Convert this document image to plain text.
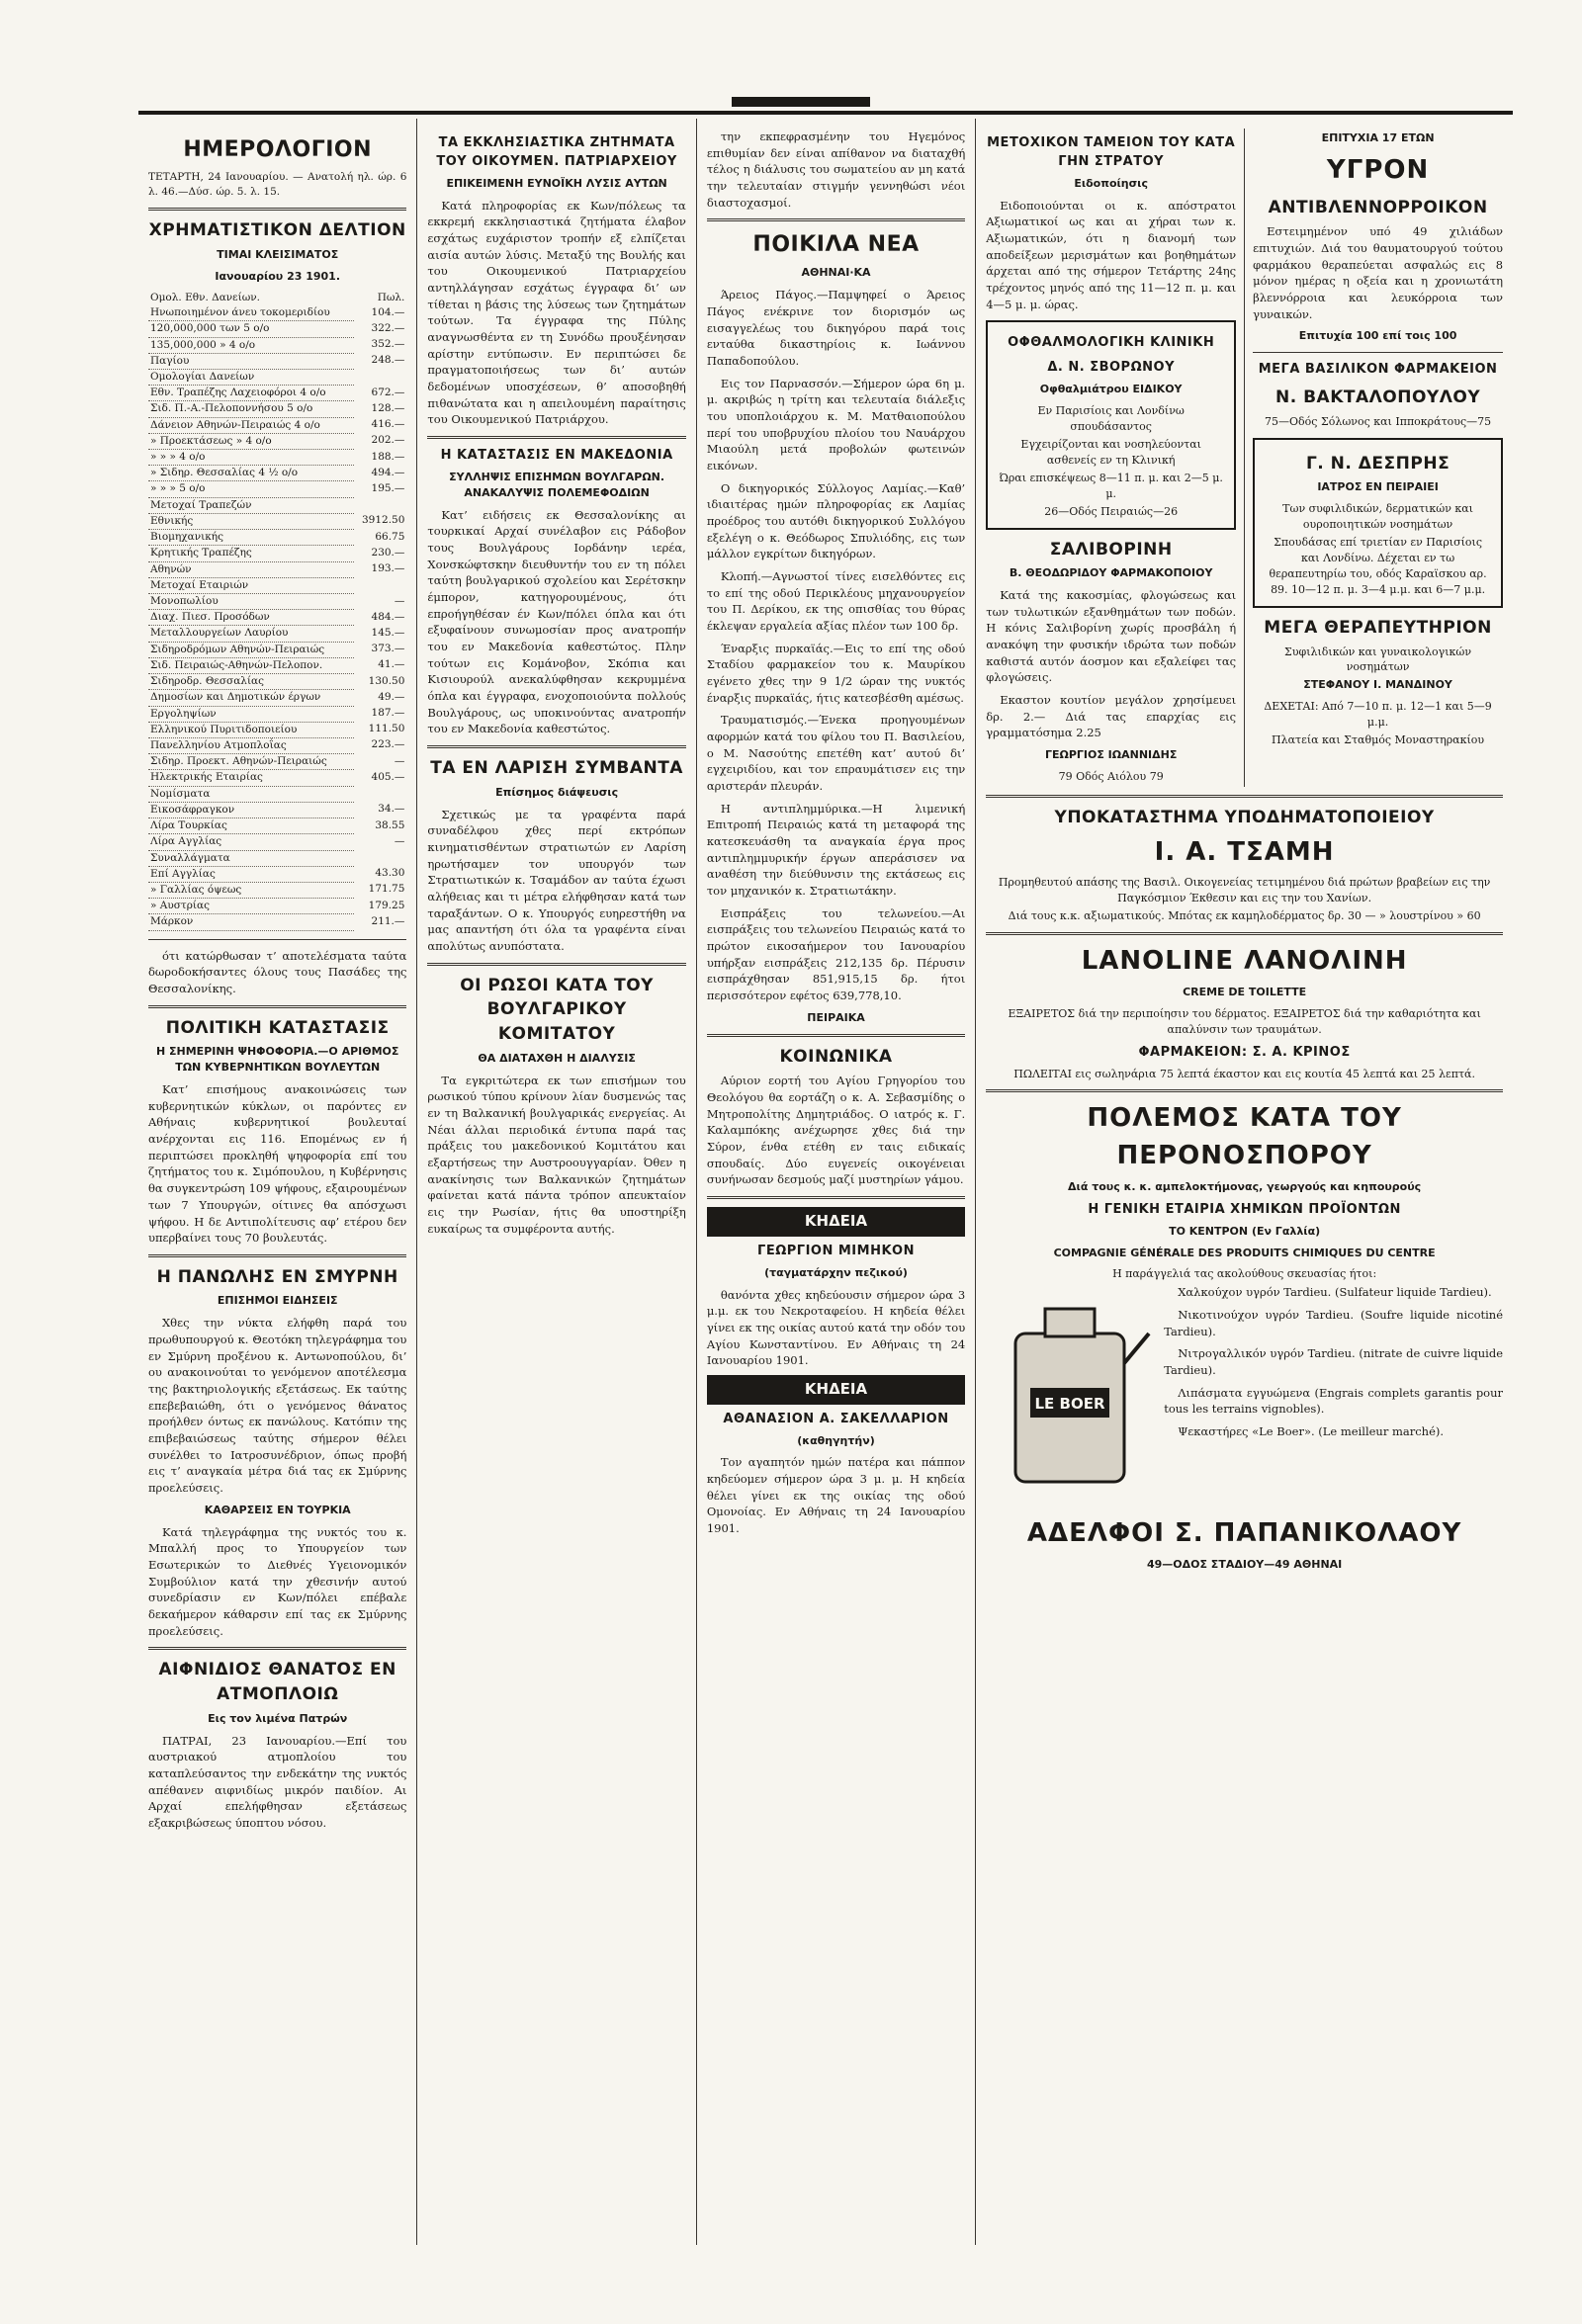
ΗΜΕΡΟΛΟΓΙΟΝ
ΤΕΤΑΡΤΗ, 24 Ιανουαρίου. — Ανατολή ηλ. ώρ. 6 λ. 46.—Δύσ. ώρ. 5. λ. 15.
ΧΡΗΜΑΤΙΣΤΙΚΟΝ ΔΕΛΤΙΟΝ
ΤΙΜΑΙ ΚΛΕΙΣΙΜΑΤΟΣ
Ιανουαρίου 23 1901.
Ομολ. Εθν. Δανείων.	Πωλ.
Ηνωποιημένον άνευ τοκομεριδίου	104.—
120,000,000 των 5 ο/ο	322.—
135,000,000 » 4 ο/ο	352.—
Παγίου	248.—
Ομολογίαι Δανείων	
Εθν. Τραπέζης Λαχειοφόροι 4 ο/ο	672.—
Σιδ. Π.-Α.-Πελοποννήσου 5 ο/ο	128.—
Δάνειον Αθηνών-Πειραιώς 4 ο/ο	416.—
» Προεκτάσεως » 4 ο/ο	202.—
» » » 4 ο/ο	188.—
» Σιδηρ. Θεσσαλίας 4 ½ ο/ο	494.—
» » » 5 ο/ο	195.—
Μετοχαί Τραπεζών	
Εθνικής	3912.50
Βιομηχανικής	66.75
Κρητικής Τραπέζης	230.—
Αθηνών	193.—
Μετοχαί Εταιριών	
Μονοπωλίου	—
Διαχ. Πιεσ. Προσόδων	484.—
Μεταλλουργείων Λαυρίου	145.—
Σιδηροδρόμων Αθηνών-Πειραιώς	373.—
Σιδ. Πειραιώς-Αθηνών-Πελοπον.	41.—
Σιδηροδρ. Θεσσαλίας	130.50
Δημοσίων και Δημοτικών έργων	49.—
Εργοληψίων	187.—
Ελληνικού Πυριτιδοποιείου	111.50
Πανελληνίου Ατμοπλοΐας	223.—
Σιδηρ. Προεκτ. Αθηνών-Πειραιώς	—
Ηλεκτρικής Εταιρίας	405.—
Νομίσματα	
Εικοσάφραγκον	34.—
Λίρα Τουρκίας	38.55
Λίρα Αγγλίας	—
Συναλλάγματα	
Επί Αγγλίας	43.30
» Γαλλίας όψεως	171.75
» Αυστρίας	179.25
Μάρκον	211.—

ότι κατώρθωσαν τ’ αποτελέσματα ταύτα δωροδοκήσαντες όλους τους Πασάδες της Θεσσαλονίκης.

ΠΟΛΙΤΙΚΗ ΚΑΤΑΣΤΑΣΙΣ
Η ΣΗΜΕΡΙΝΗ ΨΗΦΟΦΟΡΙΑ.—Ο ΑΡΙΘΜΟΣ ΤΩΝ ΚΥΒΕΡΝΗΤΙΚΩΝ ΒΟΥΛΕΥΤΩΝ

Κατ’ επισήμους ανακοινώσεις των κυβερνητικών κύκλων, οι παρόντες εν Αθήναις κυβερνητικοί βουλευταί ανέρχονται εις 116. Επομένως εν ή περιπτώσει προκληθή ψηφοφορία επί του ζητήματος του κ. Σιμόπουλου, η Κυβέρνησις θα συγκεντρώση 109 ψήφους, εξαιρουμένων των 7 Υπουργών, οίτινες θα απόσχωσι ψήφου. Η δε Αντιπολίτευσις αφ’ ετέρου δεν υπερβαίνει τους 70 βουλευτάς.

Η ΠΑΝΩΛΗΣ ΕΝ ΣΜΥΡΝΗ
ΕΠΙΣΗΜΟΙ ΕΙΔΗΣΕΙΣ

Χθες την νύκτα ελήφθη παρά του πρωθυπουργού κ. Θεοτόκη τηλεγράφημα του εν Σμύρνη προξένου κ. Αντωνοπούλου, δι’ ου ανακοινούται το γενόμενον αποτέλεσμα της βακτηριολογικής εξετάσεως. Εκ ταύτης επεβεβαιώθη, ότι ο γενόμενος θάνατος προήλθεν όντως εκ πανώλους. Κατόπιν της επιβεβαιώσεως ταύτης σήμερον θέλει συνέλθει το Ιατροσυνέδριον, όπως προβή εις τ’ αναγκαία μέτρα διά τας εκ Σμύρνης προελεύσεις.

ΚΑΘΑΡΣΕΙΣ ΕΝ ΤΟΥΡΚΙΑ

Κατά τηλεγράφημα της νυκτός του κ. Μπαλλή προς το Υπουργείον των Εσωτερικών το Διεθνές Υγειονομικόν Συμβούλιον κατά την χθεσινήν αυτού συνεδρίασιν εν Κων/πόλει επέβαλε δεκαήμερον κάθαρσιν επί τας εκ Σμύρνης προελεύσεις.

ΑΙΦΝΙΔΙΟΣ ΘΑΝΑΤΟΣ ΕΝ ΑΤΜΟΠΛΟΙΩ
Εις τον λιμένα Πατρών

ΠΑΤΡΑΙ, 23 Ιανουαρίου.—Επί του αυστριακού ατμοπλοίου του καταπλεύσαντος την ενδεκάτην της νυκτός απέθανεν αιφνιδίως μικρόν παιδίον. Αι Αρχαί επελήφθησαν εξετάσεως εξακριβώσεως ύποπτου νόσου.

ΤΑ ΕΚΚΛΗΣΙΑΣΤΙΚΑ ΖΗΤΗΜΑΤΑ ΤΟΥ ΟΙΚΟΥΜΕΝ. ΠΑΤΡΙΑΡΧΕΙΟΥ
ΕΠΙΚΕΙΜΕΝΗ ΕΥΝΟΪΚΗ ΛΥΣΙΣ ΑΥΤΩΝ

Κατά πληροφορίας εκ Κων/πόλεως τα εκκρεμή εκκλησιαστικά ζητήματα έλαβον εσχάτως ευχάριστον τροπήν εξ ελπίζεται αισία αυτών λύσις. Μεταξύ της Βουλής και του Οικουμενικού Πατριαρχείου αντηλλάγησαν εσχάτως έγγραφα δι’ ων τίθεται η βάσις της λύσεως των ζητημάτων τούτων. Τα έγγραφα της Πύλης αναγνωσθέντα εν τη Συνόδω προυξένησαν αρίστην εντύπωσιν. Εν περιπτώσει δε πραγματοποιήσεως των δι’ αυτών δεδομένων υποσχέσεων, θ’ αποσοβηθή πιθανώτατα και η απειλουμένη παραίτησις του Οικουμενικού Πατριάρχου.

Η ΚΑΤΑΣΤΑΣΙΣ ΕΝ ΜΑΚΕΔΟΝΙΑ
ΣΥΛΛΗΨΙΣ ΕΠΙΣΗΜΩΝ ΒΟΥΛΓΑΡΩΝ. ΑΝΑΚΑΛΥΨΙΣ ΠΟΛΕΜΕΦΟΔΙΩΝ

Κατ’ ειδήσεις εκ Θεσσαλονίκης αι τουρκικαί Αρχαί συνέλαβον εις Ράδοβον τους Βουλγάρους Ιορδάνην ιερέα, Χονσκώφτσκην διευθυντήν του εν τη πόλει ταύτη βουλγαρικού σχολείου και Σερέτσκην έμπορον, κατηγορουμένους, ότι επροήγηθέσαν έν Κων/πόλει όπλα και ότι εξυφαίνουν συνωμοσίαν προς ανατροπήν του εν Μακεδονία καθεστώτος. Πλην τούτων εις Κομάνοβον, Σκόπια και Κισιουρούλ ανεκαλύφθησαν κεκρυμμένα όπλα και έγγραφα, ενοχοποιούντα πολλούς Βουλγάρους, ως υποκινούντας ανατροπήν του εν Μακεδονία καθεστώτος.

ΤΑ ΕΝ ΛΑΡΙΣΗ ΣΥΜΒΑΝΤΑ
Επίσημος διάψευσις

Σχετικώς με τα γραφέντα παρά συναδέλφου χθες περί εκτρόπων κινηματισθέντων στρατιωτών εν Λαρίση ηρωτήσαμεν τον υπουργόν των Στρατιωτικών κ. Τσαμάδον αν ταύτα έχωσι αλήθειας και τι μέτρα ελήφθησαν κατά των ταραξάντων. Ο κ. Υπουργός ευηρεστήθη να μας απαντήση ότι όλα τα γραφέντα είναι απολύτως ανυπόστατα.

ΟΙ ΡΩΣΟΙ ΚΑΤΑ ΤΟΥ ΒΟΥΛΓΑΡΙΚΟΥ ΚΟΜΙΤΑΤΟΥ
ΘΑ ΔΙΑΤΑΧΘΗ Η ΔΙΑΛΥΣΙΣ

Τα εγκριτώτερα εκ των επισήμων του ρωσικού τύπου κρίνουν λίαν δυσμενώς τας εν τη Βαλκανική βουλγαρικάς ενεργείας. Αι Νέαι άλλαι περιοδικά έντυπα παρά τας πράξεις του μακεδονικού Κομιτάτου και εξαρτήσεως την Αυστροουγγαρίαν. Όθεν η ανακίνησις των Βαλκανικών ζητημάτων φαίνεται κατά πάντα τρόπον απευκταίον εις την Ρωσίαν, ήτις θα υποστηρίξη ευκαίρως τα συμφέροντα αυτής.

την εκπεφρασμένην του Ηγεμόνος επιθυμίαν δεν είναι απίθανον να διαταχθή τέλος η διάλυσις του σωματείου αν μη κατά την τελευταίαν στιγμήν γεννηθώσι νέοι διαστοχασμοί.

ΠΟΙΚΙΛΑ ΝΕΑ
ΑΘΗΝΑΙ·ΚΑ

Άρειος Πάγος.—Παμψηφεί ο Άρειος Πάγος ενέκρινε τον διορισμόν ως εισαγγελέως του δικηγόρου παρά τοις ενταύθα δικαστηρίοις κ. Ιωάννου Παπαδοπούλου.

Εις τον Παρνασσόν.—Σήμερον ώρα 6η μ. μ. ακριβώς η τρίτη και τελευταία διάλεξις του υποπλοιάρχου κ. Μ. Ματθαιοπούλου περί του υποβρυχίου πλοίου του Ναυάρχου Μιαούλη μετά προβολών φωτεινών εικόνων.

Ο δικηγορικός Σύλλογος Λαμίας.—Καθ’ ιδιαιτέρας ημών πληροφορίας εκ Λαμίας προέδρος του αυτόθι δικηγορικού Συλλόγου εξελέγη ο κ. Θεόδωρος Σπυλιόδης, εις των μάλλον εγκρίτων δικηγόρων.

Κλοπή.—Αγνωστοί τίνες εισελθόντες εις το επί της οδού Περικλέους μηχανουργείον του Π. Δερίκου, εκ της οπισθίας του θύρας έκλεψαν εργαλεία αξίας πλέον των 100 δρ.

Έναρξις πυρκαϊάς.—Εις το επί της οδού Σταδίου φαρμακείον του κ. Μαυρίκου εγένετο χθες την 9 1/2 ώραν της νυκτός έναρξις πυρκαϊάς, ήτις κατεσβέσθη αμέσως.

Τραυματισμός.—Ένεκα προηγουμένων αφορμών κατά του φίλου του Π. Βασιλείου, ο Μ. Νασούτης επετέθη κατ’ αυτού δι’ εγχειριδίου, και τον επραυμάτισεν εις την αριστεράν πλευράν.

Η αντιπλημμύρικα.—Η λιμενική Επιτροπή Πειραιώς κατά τη μεταφορά της κατεσκευάσθη τα αναγκαία έργα προς αντιπλημμυρικήν έργων απεράσισεν να αναθέση την διεύθυνσιν της εκτάσεως εις τον μηχανικόν κ. Στρατιωτάκην.

Εισπράξεις του τελωνείου.—Αι εισπράξεις του τελωνείου Πειραιώς κατά το πρώτον εικοσαήμερον του Ιανουαρίου υπήρξαν εισπράξεις 212,135 δρ. Πέρυσιν εισπράχθησαν 851,915,15 δρ. ήτοι περισσότερον εφέτος 639,778,10.

ΠΕΙΡΑΙΚΑ
ΚΟΙΝΩΝΙΚΑ

Αύριον εορτή του Αγίου Γρηγορίου του Θεολόγου θα εορτάζη ο κ. Α. Σεβασμίδης ο Μητροπολίτης Δημητριάδος. Ο ιατρός κ. Γ. Καλαμπόκης ανέχωρησε χθες διά την Σύρον, ένθα ετέθη εν ταις ειδικαίς σπουδαίς. Δύο ευγενείς οικογένειαι συνήνωσαν δεσμούς μαζί μυστηρίων γάμου.

ΚΗΔΕΙΑ
ΓΕΩΡΓΙΟΝ ΜΙΜΗΚΟΝ
(ταγματάρχην πεζικού)

θανόντα χθες κηδεύουσιν σήμερον ώρα 3 μ.μ. εκ του Νεκροταφείου. Η κηδεία θέλει γίνει εκ της οικίας αυτού κατά την οδόν του Αγίου Κωνσταντίνου. Εν Αθήναις τη 24 Ιανουαρίου 1901.

ΚΗΔΕΙΑ
ΑΘΑΝΑΣΙΟΝ Α. ΣΑΚΕΛΛΑΡΙΟΝ
(καθηγητήν)

Τον αγαπητόν ημών πατέρα και πάππον κηδεύομεν σήμερον ώρα 3 μ. μ. Η κηδεία θέλει γίνει εκ της οικίας της οδού Ομονοίας. Εν Αθήναις τη 24 Ιανουαρίου 1901.

ΜΕΤΟΧΙΚΟΝ ΤΑΜΕΙΟΝ ΤΟΥ ΚΑΤΑ ΓΗΝ ΣΤΡΑΤΟΥ
Ειδοποίησις

Ειδοποιούνται οι κ. απόστρατοι Αξιωματικοί ως και αι χήραι των κ. Αξιωματικών, ότι η διανομή των αποδείξεων μερισμάτων και βοηθημάτων άρχεται από της σήμερον Τετάρτης 24ης τρέχοντος μηνός από της 11—12 π. μ. και 4—5 μ. μ. ώρας.

ΟΦΘΑΛΜΟΛΟΓΙΚΗ ΚΛΙΝΙΚΗ
Δ. Ν. ΣΒΟΡΩΝΟΥ
Οφθαλμιάτρου ΕΙΔΙΚΟΥ
Εν Παρισίοις και Λονδίνω σπουδάσαντος
Εγχειρίζονται και νοσηλεύονται ασθενείς εν τη Κλινική
Ώραι επισκέψεως 8—11 π. μ. και 2—5 μ. μ.
26—Οδός Πειραιώς—26
ΣΑΛΙΒΟΡΙΝΗ
Β. ΘΕΟΔΩΡΙΔΟΥ ΦΑΡΜΑΚΟΠΟΙΟΥ

Κατά της κακοσμίας, φλογώσεως και των τυλωτικών εξανθημάτων των ποδών. Η κόνις Σαλιβορίνη χωρίς προσβάλη ή ανακόψη την φυσικήν ιδρώτα των ποδών καθιστά αυτόν άοσμον και εξαλείφει τας φλογώσεις.

Εκαστον κουτίον μεγάλον χρησίμευει δρ. 2.— Διά τας επαρχίας εις γραμματόσημα 2.25

ΓΕΩΡΓΙΟΣ ΙΩΑΝΝΙΔΗΣ
79 Οδός Αιόλου 79
ΕΠΙΤΥΧΙΑ 17 ΕΤΩΝ
ΥΓΡΟΝ
ΑΝΤΙΒΛΕΝΝΟΡΡΟΙΚΟΝ

Εστειμημένον υπό 49 χιλιάδων επιτυχιών. Διά του θαυματουργού τούτου φαρμάκου θεραπεύεται ασφαλώς εις 8 μόνον ημέρας η οξεία και η χρονιωτάτη βλεννόρροια και λευκόρροια των γυναικών.

Επιτυχία 100 επί τοις 100
ΜΕΓΑ ΒΑΣΙΛΙΚΟΝ ΦΑΡΜΑΚΕΙΟΝ
Ν. ΒΑΚΤΑΛΟΠΟΥΛΟΥ
75—Οδός Σόλωνος και Ιπποκράτους—75
Γ. Ν. ΔΕΣΠΡΗΣ
ΙΑΤΡΟΣ ΕΝ ΠΕΙΡΑΙΕΙ
Των συφιλιδικών, δερματικών και ουροποιητικών νοσημάτων
Σπουδάσας επί τριετίαν εν Παρισίοις και Λονδίνω. Δέχεται εν τω θεραπευτηρίω του, οδός Καραϊσκου αρ. 89. 10—12 π. μ. 3—4 μ.μ. και 6—7 μ.μ.
ΜΕΓΑ ΘΕΡΑΠΕΥΤΗΡΙΟΝ
Συφιλιδικών και γυναικολογικών νοσημάτων
ΣΤΕΦΑΝΟΥ Ι. ΜΑΝΔΙΝΟΥ
ΔΕΧΕΤΑΙ: Από 7—10 π. μ. 12—1 και 5—9 μ.μ.
Πλατεία και Σταθμός Μοναστηρακίου
ΥΠΟΚΑΤΑΣΤΗΜΑ ΥΠΟΔΗΜΑΤΟΠΟΙΕΙΟΥ
Ι. Α. ΤΣΑΜΗ
Προμηθευτού απάσης της Βασιλ. Οικογενείας τετιμημένου διά πρώτων βραβείων εις την Παγκόσμιον Έκθεσιν και εις την του Χανίων.
Διά τους κ.κ. αξιωματικούς. Μπότας εκ καμηλοδέρματος δρ. 30 — » λουστρίνου » 60
LANOLINE ΛΑΝΟΛΙΝΗ
CREME DE TOILETTE
ΕΞΑΙΡΕΤΟΣ διά την περιποίησιν του δέρματος. ΕΞΑΙΡΕΤΟΣ διά την καθαριότητα και απαλύνσιν των τραυμάτων.
ΦΑΡΜΑΚΕΙΟΝ: Σ. Α. ΚΡΙΝΟΣ
ΠΩΛΕΙΤΑΙ εις σωληνάρια 75 λεπτά έκαστον και εις κουτία 45 λεπτά και 25 λεπτά.
ΠΟΛΕΜΟΣ ΚΑΤΑ ΤΟΥ ΠΕΡΟΝΟΣΠΟΡΟΥ
Διά τους κ. κ. αμπελοκτήμονας, γεωργούς και κηπουρούς
Η ΓΕΝΙΚΗ ΕΤΑΙΡΙΑ ΧΗΜΙΚΩΝ ΠΡΟΪΟΝΤΩΝ
ΤΟ ΚΕΝΤΡΟΝ (Εν Γαλλία)
COMPAGNIE GÉNÉRALE DES PRODUITS CHIMIQUES DU CENTRE
Η παράγγελιά τας ακολούθους σκευασίας ήτοι:
LE BOER

Χαλκούχον υγρόν Tardieu. (Sulfateur liquide Tardieu).

Νικοτινούχον υγρόν Tardieu. (Soufre liquide nicotiné Tardieu).

Νιτρογαλλικόν υγρόν Tardieu. (nitrate de cuivre liquide Tardieu).

Λιπάσματα εγγυώμενα (Engrais complets garantis pour tous les terrains vignobles).

Ψεκαστήρες «Le Boer». (Le meilleur marché).

ΑΔΕΛΦΟΙ Σ. ΠΑΠΑΝΙΚΟΛΑΟΥ
49—ΟΔΟΣ ΣΤΑΔΙΟΥ—49 ΑΘΗΝΑΙ
